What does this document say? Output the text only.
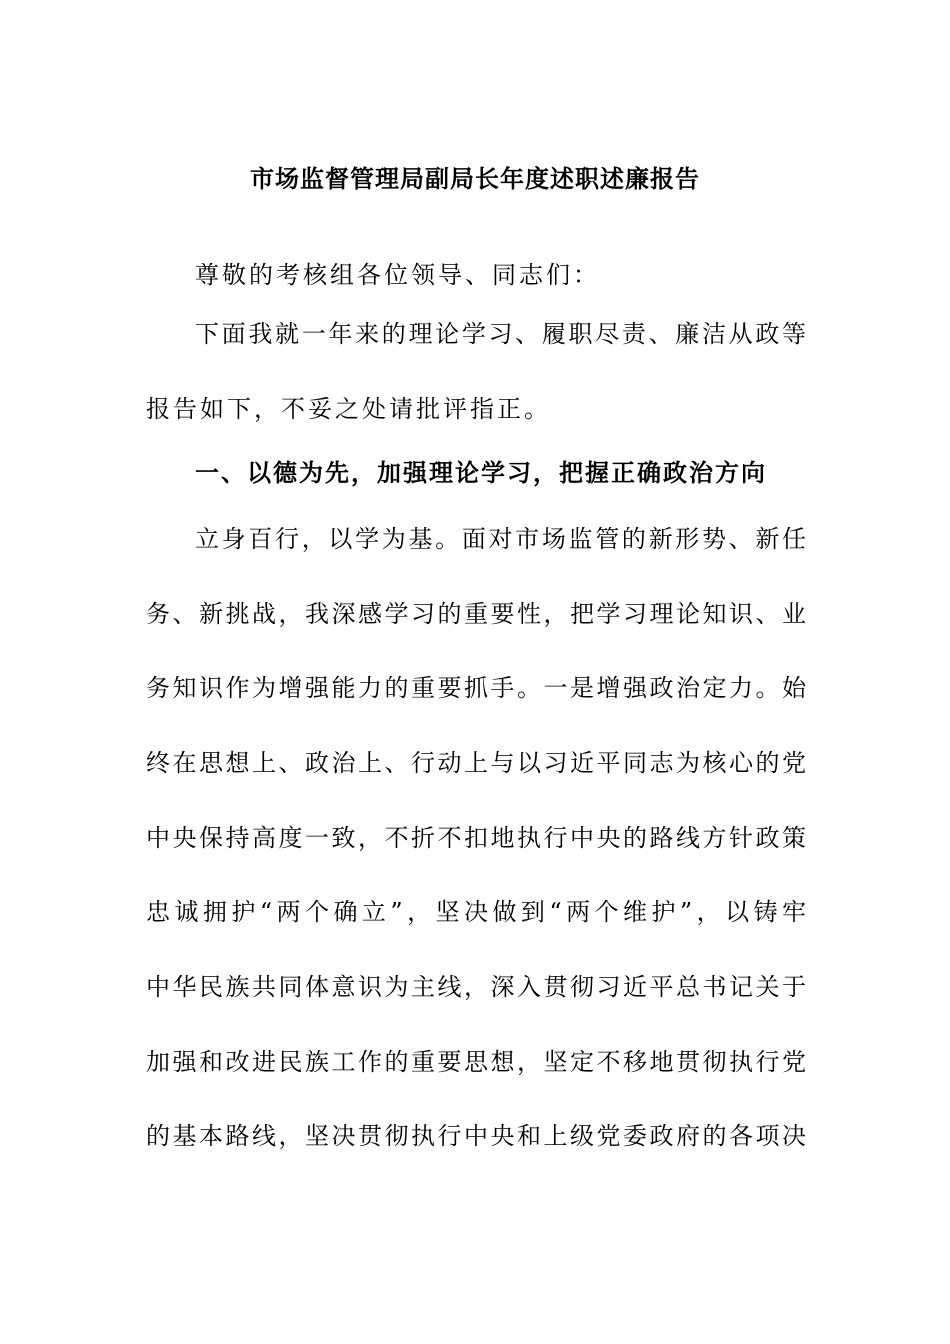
市场监督管理局副局长年度述职述廉报告

尊敬的考核组各位领导、同志们：

下面我就一年来的理论学习、履职尽责、廉洁从政等

报告如下，不妥之处请批评指正。

一、以德为先，加强理论学习，把握正确政治方向

立身百行，以学为基。面对市场监管的新形势、新任

务、新挑战，我深感学习的重要性，把学习理论知识、业

务知识作为增强能力的重要抓手。一是增强政治定力。始

终在思想上、政治上、行动上与以习近平同志为核心的党

中央保持高度一致，不折不扣地执行中央的路线方针政策

忠诚拥护“两个确立”，坚决做到“两个维护”，以铸牢

中华民族共同体意识为主线，深入贯彻习近平总书记关于

加强和改进民族工作的重要思想，坚定不移地贯彻执行党

的基本路线，坚决贯彻执行中央和上级党委政府的各项决
